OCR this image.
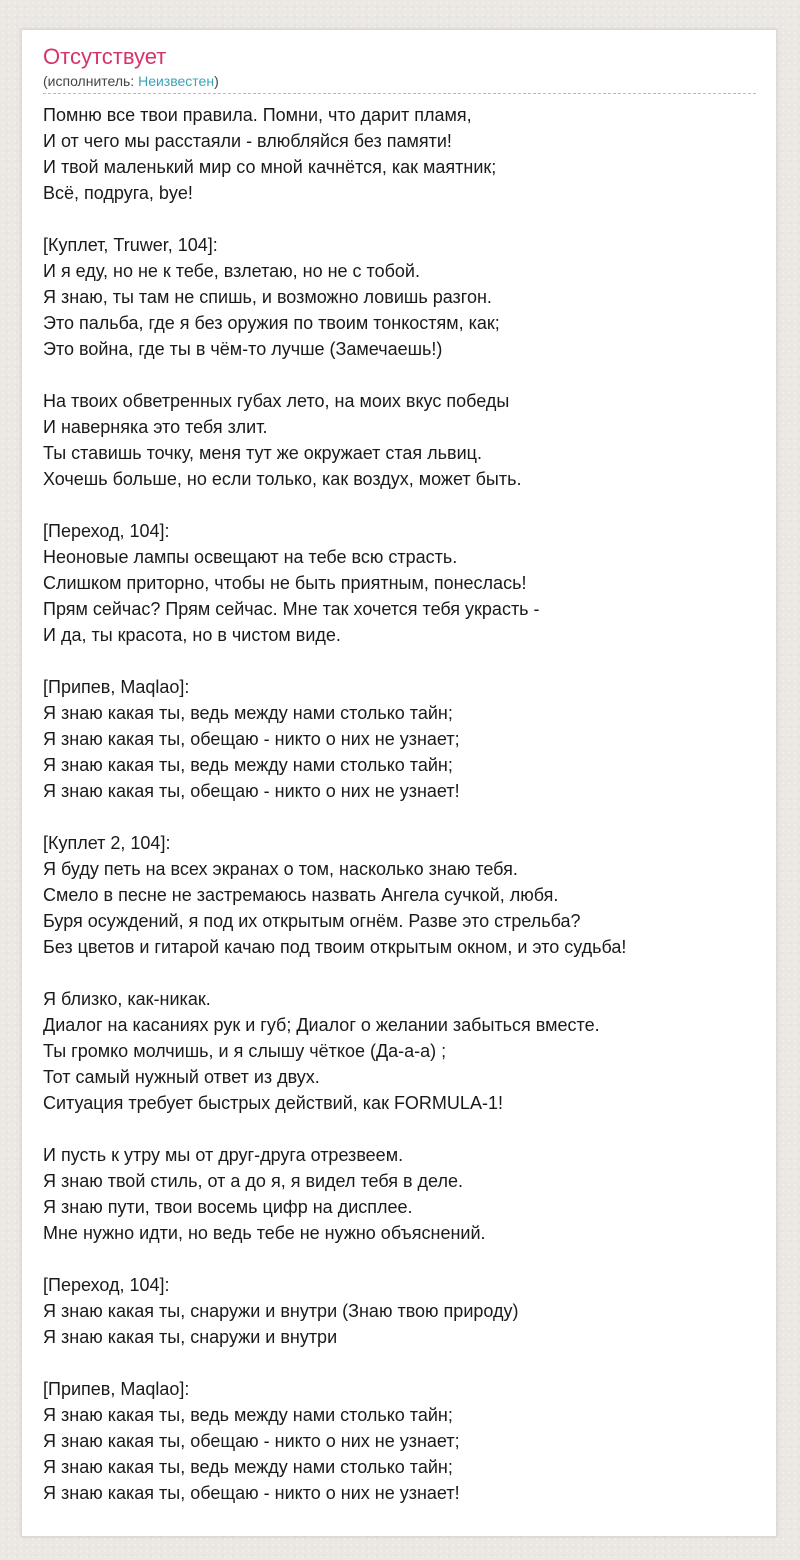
Отсутствует
(исполнитель: Неизвестен)
Помню все твои правила. Помни, что дарит пламя,
И от чего мы расстаяли - влюбляйся без памяти!
И твой маленький мир со мной качнётся, как маятник;
Всё, подруга, bye!
[Куплет, Truwer, 104]:
И я еду, но не к тебе, взлетаю, но не с тобой.
Я знаю, ты там не спишь, и возможно ловишь разгон.
Это пальба, где я без оружия по твоим тонкостям, как;
Это война, где ты в чём-то лучше (Замечаешь!)
На твоих обветренных губах лето, на моих вкус победы
И наверняка это тебя злит.
Ты ставишь точку, меня тут же окружает стая львиц.
Хочешь больше, но если только, как воздух, может быть.
[Переход, 104]:
Неоновые лампы освещают на тебе всю страсть.
Слишком приторно, чтобы не быть приятным, понеслась!
Прям сейчас? Прям сейчас. Мне так хочется тебя украсть -
И да, ты красота, но в чистом виде.
[Припев, Maqlao]:
Я знаю какая ты, ведь между нами столько тайн;
Я знаю какая ты, обещаю - никто о них не узнает;
Я знаю какая ты, ведь между нами столько тайн;
Я знаю какая ты, обещаю - никто о них не узнает!
[Куплет 2, 104]:
Я буду петь на всех экранах о том, насколько знаю тебя.
Смело в песне не застремаюсь назвать Ангела сучкой, любя.
Буря осуждений, я под их открытым огнём. Разве это стрельба?
Без цветов и гитарой качаю под твоим открытым окном, и это судьба!
Я близко, как-никак.
Диалог на касаниях рук и губ; Диалог о желании забыться вместе.
Ты громко молчишь, и я слышу чёткое (Да-а-а) ;
Тот самый нужный ответ из двух.
Ситуация требует быстрых действий, как FORMULA-1!
И пусть к утру мы от друг-друга отрезвеем.
Я знаю твой стиль, от а до я, я видел тебя в деле.
Я знаю пути, твои восемь цифр на дисплее.
Мне нужно идти, но ведь тебе не нужно объяснений.
[Переход, 104]:
Я знаю какая ты, снаружи и внутри (Знаю твою природу)
Я знаю какая ты, снаружи и внутри
[Припев, Maqlao]:
Я знаю какая ты, ведь между нами столько тайн;
Я знаю какая ты, обещаю - никто о них не узнает;
Я знаю какая ты, ведь между нами столько тайн;
Я знаю какая ты, обещаю - никто о них не узнает!
